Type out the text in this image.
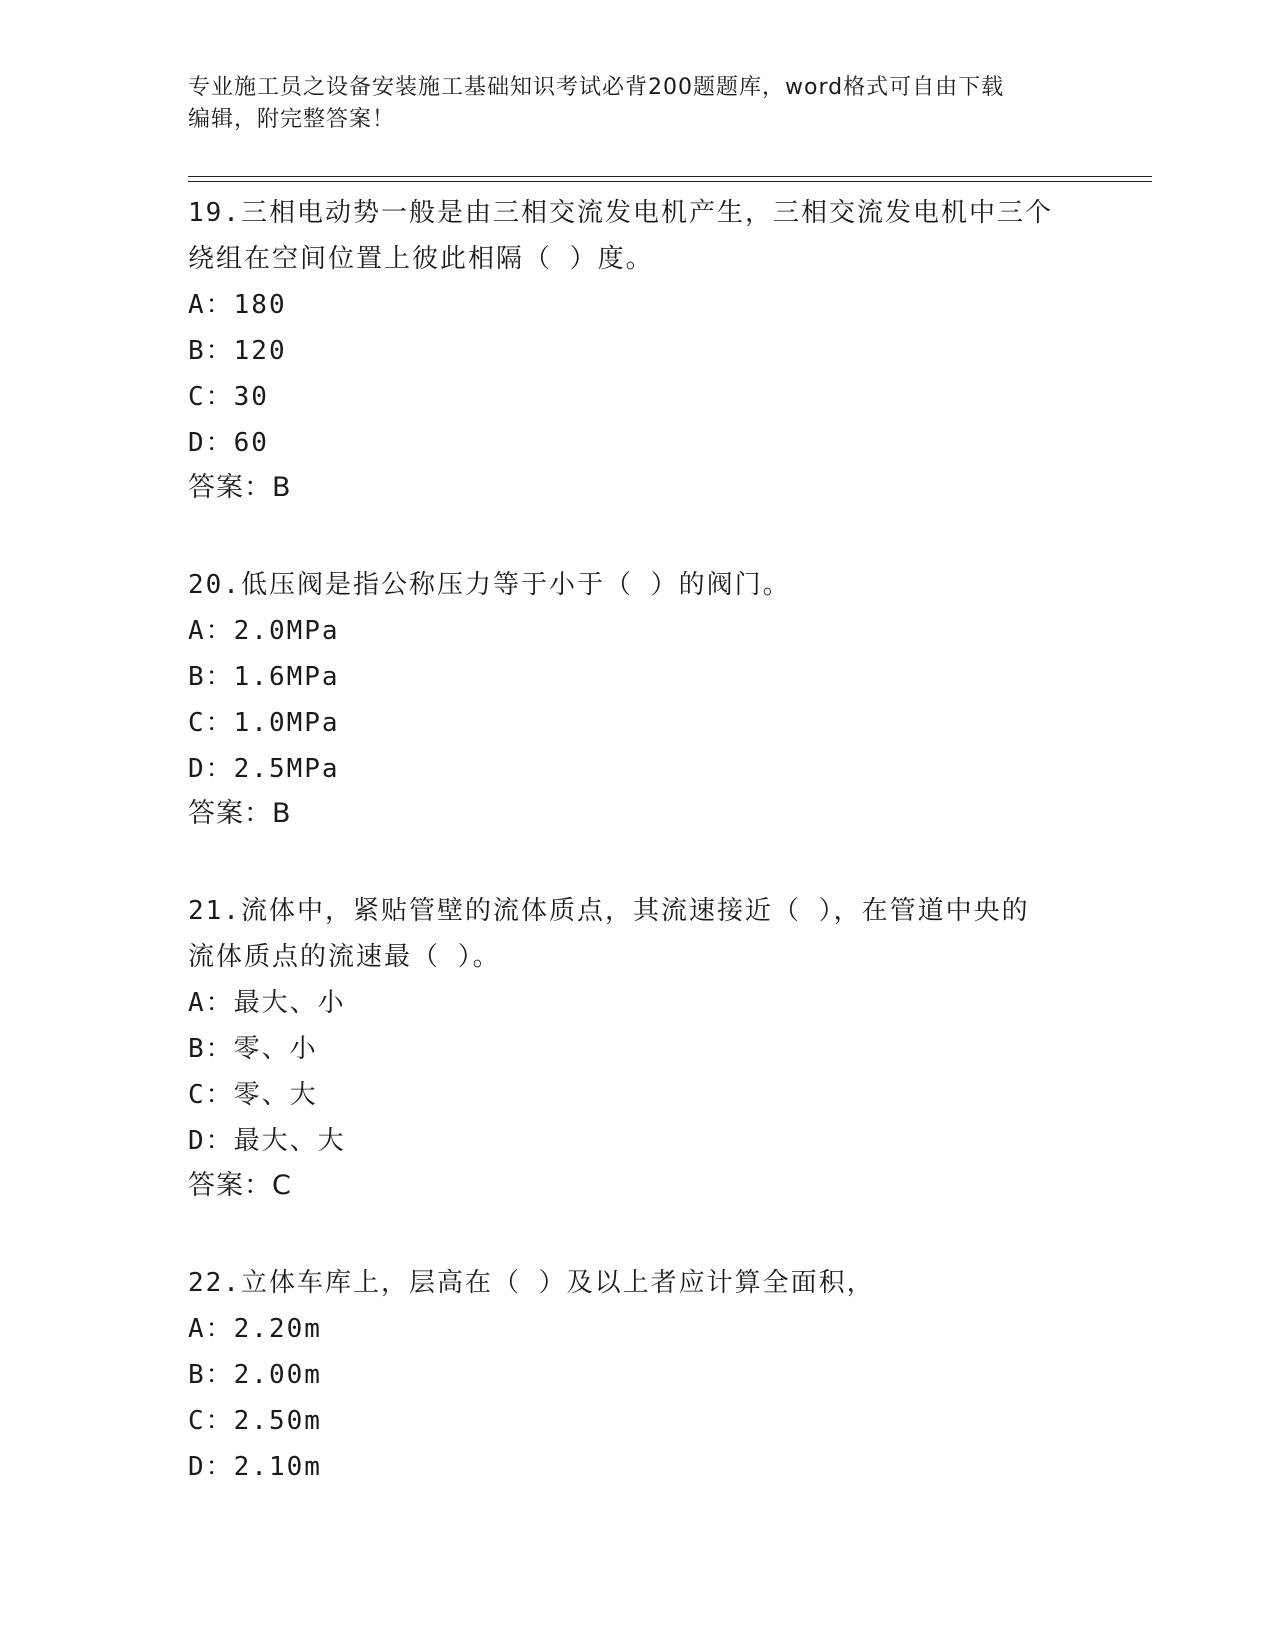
专业施工员之设备安装施工基础知识考试必背200题题库，word格式可自由下载
编辑，附完整答案！
19.三相电动势一般是由三相交流发电机产生，三相交流发电机中三个
绕组在空间位置上彼此相隔（ ）度。
A：180
B：120
C：30
D：60
答案：B
20.低压阀是指公称压力等于小于（ ）的阀门。
A：2.0MPa
B：1.6MPa
C：1.0MPa
D：2.5MPa
答案：B
21.流体中，紧贴管壁的流体质点，其流速接近（ ），在管道中央的
流体质点的流速最（ ）。
A：最大、小
B：零、小
C：零、大
D：最大、大
答案：C
22.立体车库上，层高在（ ）及以上者应计算全面积，
A：2.20m
B：2.00m
C：2.50m
D：2.10m
